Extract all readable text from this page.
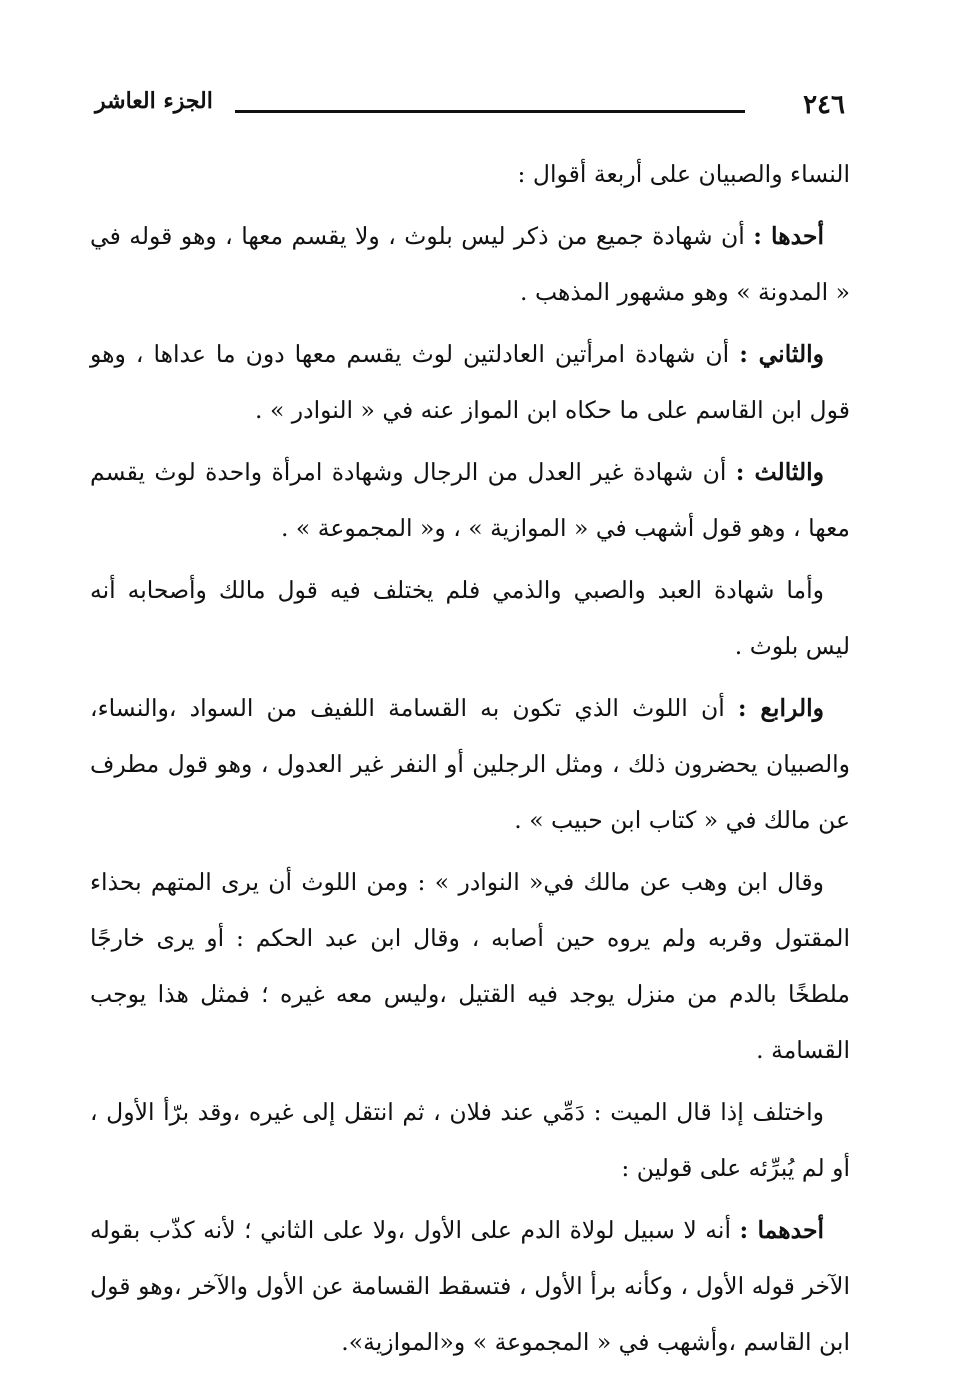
٢٤٦
الجزء العاشر

النساء والصبيان على أربعة أقوال :

أحدها : أن شهادة جميع من ذكر ليس بلوث ، ولا يقسم معها ، وهو قوله في « المدونة » وهو مشهور المذهب .

والثاني : أن شهادة امرأتين العادلتين لوث يقسم معها دون ما عداها ، وهو قول ابن القاسم على ما حكاه ابن المواز عنه في « النوادر » .

والثالث : أن شهادة غير العدل من الرجال وشهادة امرأة واحدة لوث يقسم معها ، وهو قول أشهب في « الموازية » ، و« المجموعة » .

وأما شهادة العبد والصبي والذمي فلم يختلف فيه قول مالك وأصحابه أنه ليس بلوث .

والرابع : أن اللوث الذي تكون به القسامة اللفيف من السواد ،والنساء، والصبيان يحضرون ذلك ، ومثل الرجلين أو النفر غير العدول ، وهو قول مطرف عن مالك في « كتاب ابن حبيب » .

وقال ابن وهب عن مالك في« النوادر » : ومن اللوث أن يرى المتهم بحذاء المقتول وقربه ولم يروه حين أصابه ، وقال ابن عبد الحكم : أو يرى خارجًا ملطخًا بالدم من منزل يوجد فيه القتيل ،وليس معه غيره ؛ فمثل هذا يوجب القسامة .

واختلف إذا قال الميت : دَمِّي عند فلان ، ثم انتقل إلى غيره ،وقد برّأ الأول ، أو لم يُبرِّئه على قولين :

أحدهما : أنه لا سبيل لولاة الدم على الأول ،ولا على الثاني ؛ لأنه كذّب بقوله الآخر قوله الأول ، وكأنه برأ الأول ، فتسقط القسامة عن الأول والآخر ،وهو قول ابن القاسم ،وأشهب في « المجموعة » و«الموازية».
